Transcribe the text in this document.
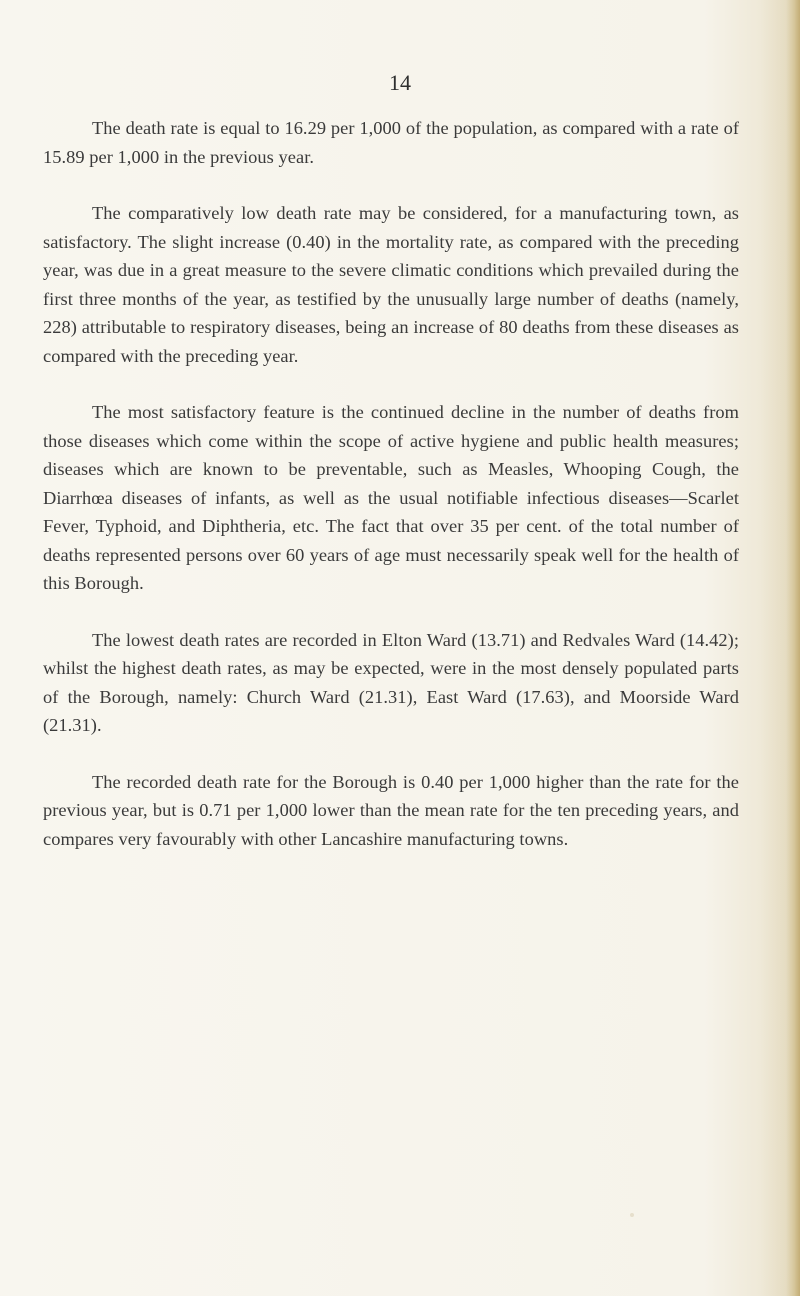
14

The death rate is equal to 16.29 per 1,000 of the population, as compared with a rate of 15.89 per 1,000 in the previous year.

The comparatively low death rate may be considered, for a manufacturing town, as satisfactory. The slight increase (0.40) in the mortality rate, as compared with the preceding year, was due in a great measure to the severe climatic conditions which prevailed during the first three months of the year, as testified by the unusually large number of deaths (namely, 228) attributable to respiratory diseases, being an increase of 80 deaths from these diseases as compared with the preceding year.

The most satisfactory feature is the continued decline in the number of deaths from those diseases which come within the scope of active hygiene and public health measures; diseases which are known to be preventable, such as Measles, Whooping Cough, the Diarrhœa diseases of infants, as well as the usual notifiable infectious diseases—Scarlet Fever, Typhoid, and Diphtheria, etc. The fact that over 35 per cent. of the total number of deaths represented persons over 60 years of age must necessarily speak well for the health of this Borough.

The lowest death rates are recorded in Elton Ward (13.71) and Redvales Ward (14.42); whilst the highest death rates, as may be expected, were in the most densely populated parts of the Borough, namely: Church Ward (21.31), East Ward (17.63), and Moorside Ward (21.31).

The recorded death rate for the Borough is 0.40 per 1,000 higher than the rate for the previous year, but is 0.71 per 1,000 lower than the mean rate for the ten preceding years, and compares very favourably with other Lancashire manufacturing towns.
